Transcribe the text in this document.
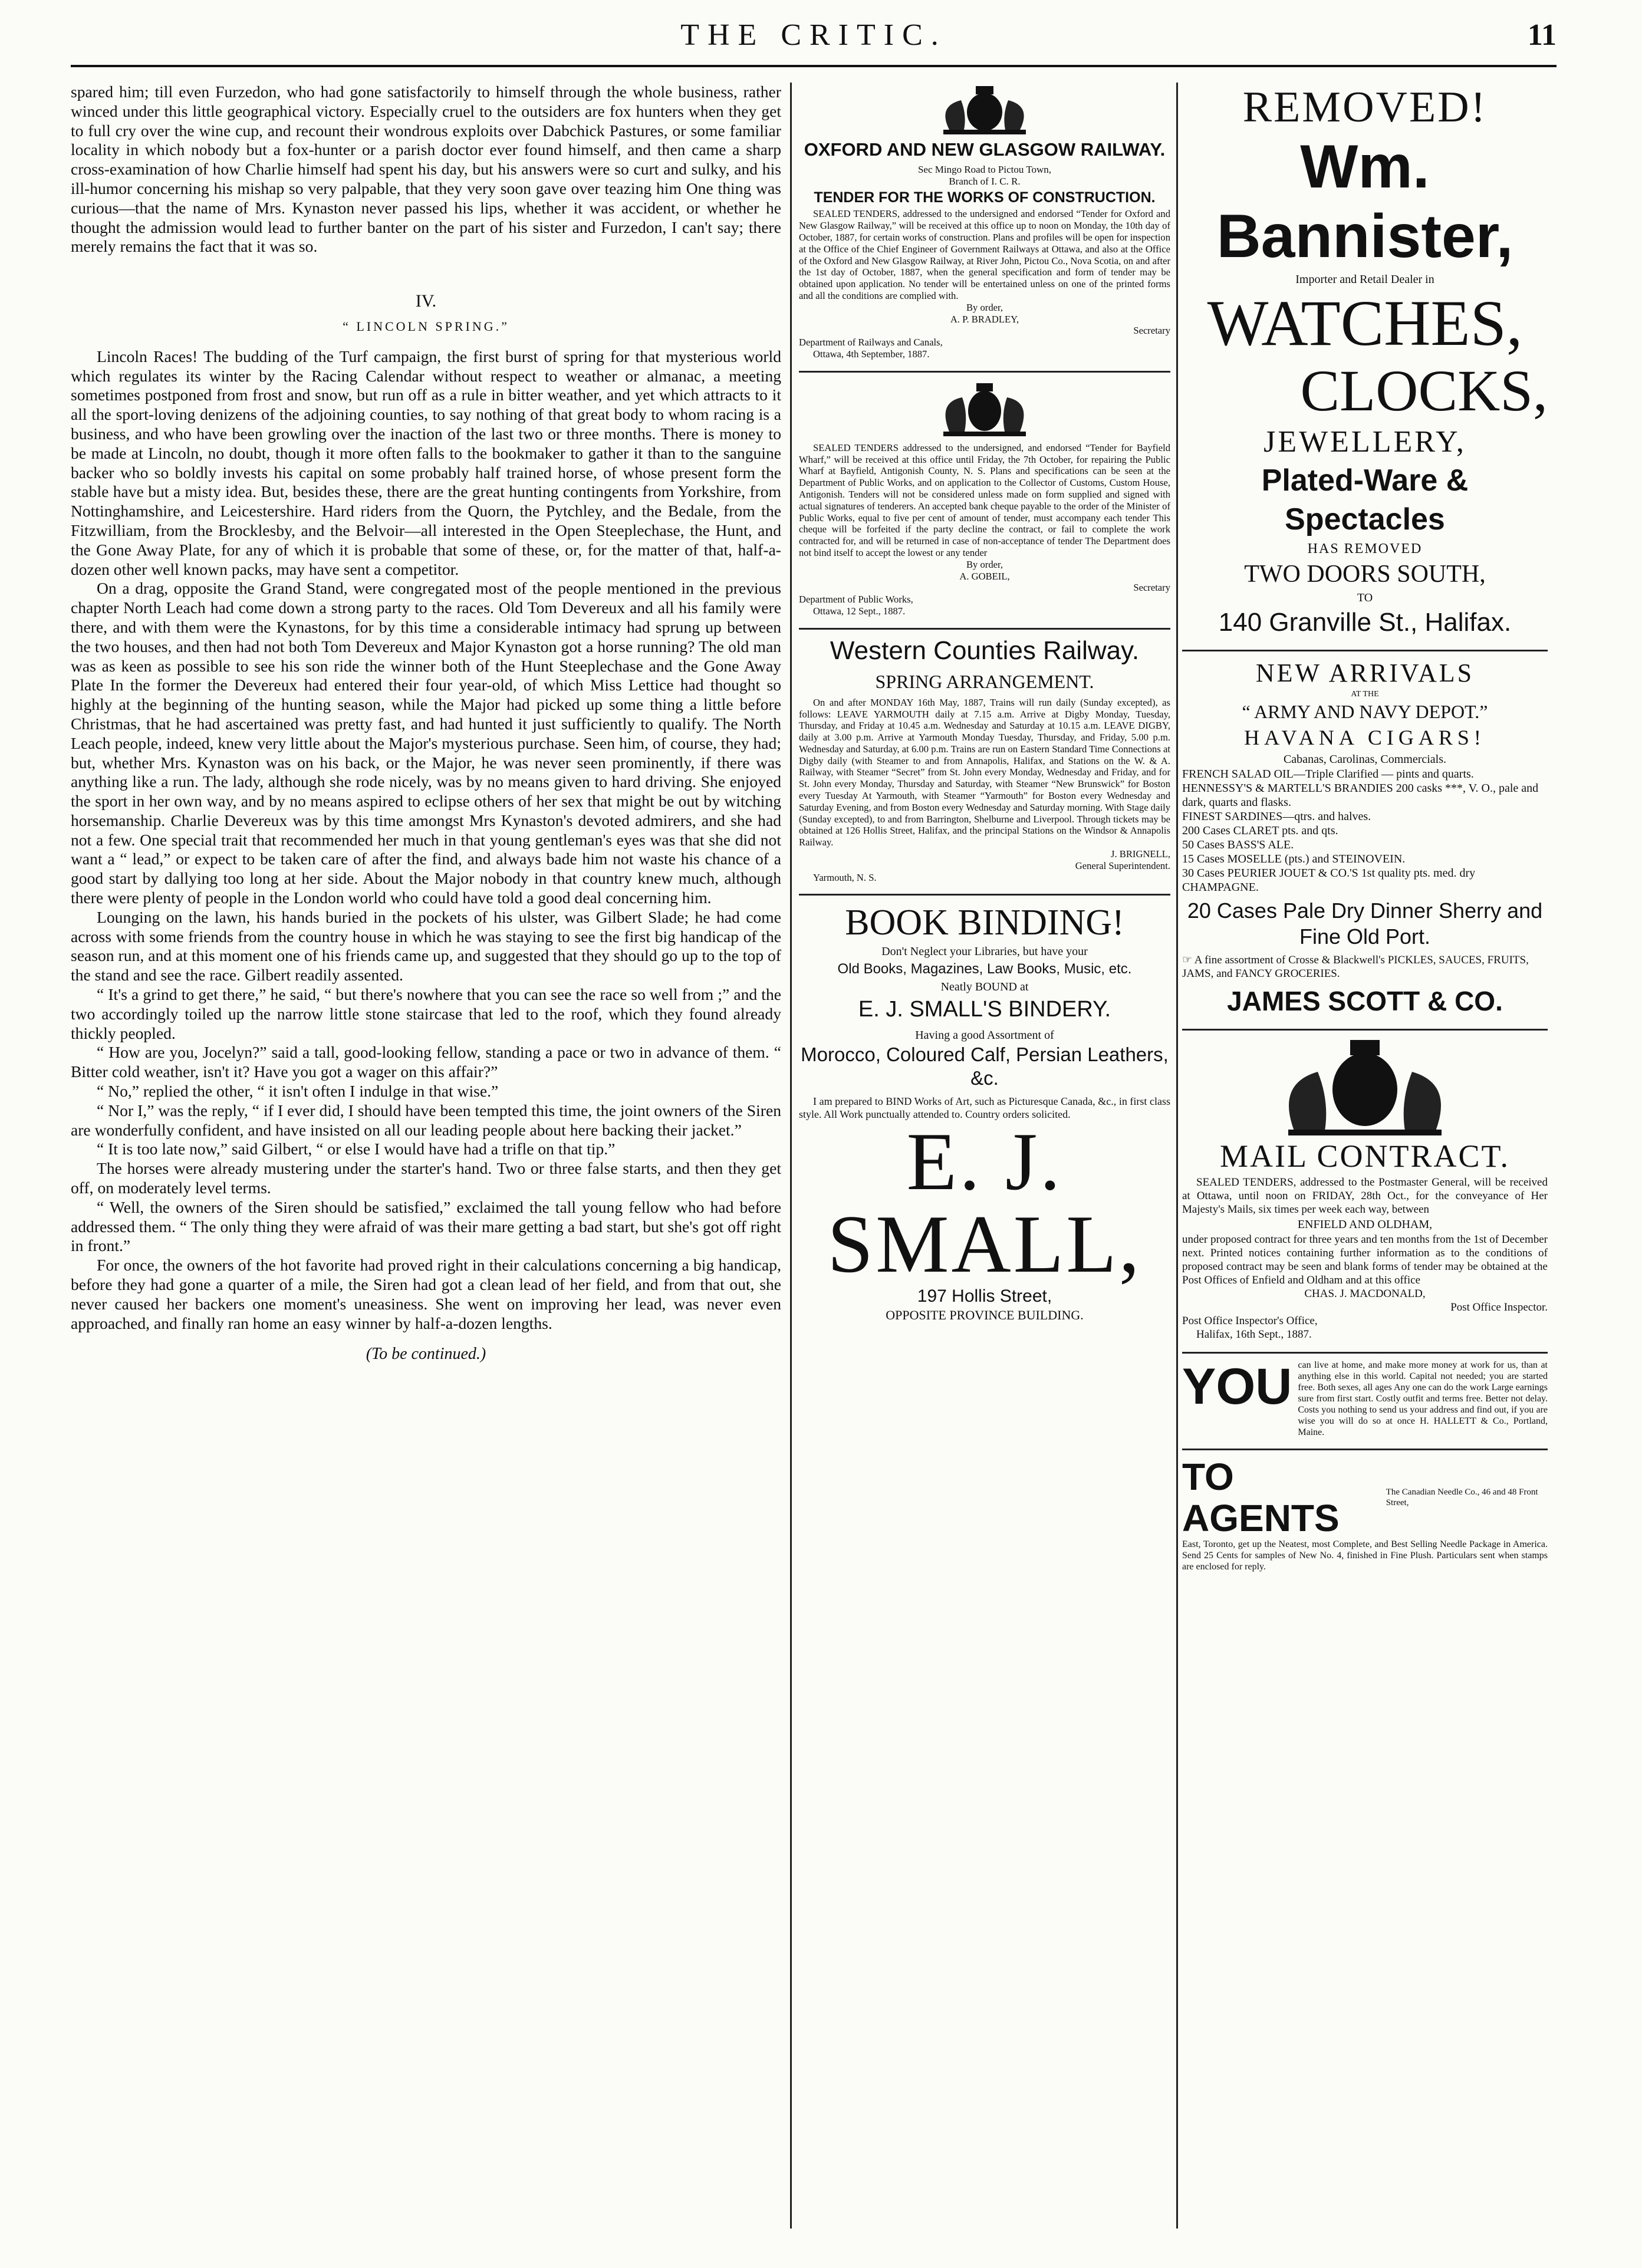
THE CRITIC.	11

spared him; till even Furzedon, who had gone satisfactorily to himself through the whole business, rather winced under this little geographical victory. Especially cruel to the outsiders are fox hunters when they get to full cry over the wine cup, and recount their wondrous exploits over Dabchick Pastures, or some familiar locality in which nobody but a fox-hunter or a parish doctor ever found himself, and then came a sharp cross-examination of how Charlie himself had spent his day, but his answers were so curt and sulky, and his ill-humor concerning his mishap so very palpable, that they very soon gave over teazing him One thing was curious—that the name of Mrs. Kynaston never passed his lips, whether it was accident, or whether he thought the admission would lead to further banter on the part of his sister and Furzedon, I can't say; there merely remains the fact that it was so.

IV.
“ LINCOLN SPRING.”

Lincoln Races! The budding of the Turf campaign, the first burst of spring for that mysterious world which regulates its winter by the Racing Calendar without respect to weather or almanac, a meeting sometimes postponed from frost and snow, but run off as a rule in bitter weather, and yet which attracts to it all the sport-loving denizens of the adjoining counties, to say nothing of that great body to whom racing is a business, and who have been growling over the inaction of the last two or three months. There is money to be made at Lincoln, no doubt, though it more often falls to the bookmaker to gather it than to the sanguine backer who so boldly invests his capital on some probably half trained horse, of whose present form the stable have but a misty idea. But, besides these, there are the great hunting contingents from Yorkshire, from Nottinghamshire, and Leicestershire. Hard riders from the Quorn, the Pytchley, and the Bedale, from the Fitzwilliam, from the Brocklesby, and the Belvoir—all interested in the Open Steeplechase, the Hunt, and the Gone Away Plate, for any of which it is probable that some of these, or, for the matter of that, half-a-dozen other well known packs, may have sent a competitor.

On a drag, opposite the Grand Stand, were congregated most of the people mentioned in the previous chapter North Leach had come down a strong party to the races. Old Tom Devereux and all his family were there, and with them were the Kynastons, for by this time a considerable intimacy had sprung up between the two houses, and then had not both Tom Devereux and Major Kynaston got a horse running? The old man was as keen as possible to see his son ride the winner both of the Hunt Steeplechase and the Gone Away Plate In the former the Devereux had entered their four year-old, of which Miss Lettice had thought so highly at the beginning of the hunting season, while the Major had picked up some thing a little before Christmas, that he had ascertained was pretty fast, and had hunted it just sufficiently to qualify. The North Leach people, indeed, knew very little about the Major's mysterious purchase. Seen him, of course, they had; but, whether Mrs. Kynaston was on his back, or the Major, he was never seen prominently, if there was anything like a run. The lady, although she rode nicely, was by no means given to hard driving. She enjoyed the sport in her own way, and by no means aspired to eclipse others of her sex that might be out by witching horsemanship. Charlie Devereux was by this time amongst Mrs Kynaston's devoted admirers, and she had not a few. One special trait that recommended her much in that young gentleman's eyes was that she did not want a “ lead,” or expect to be taken care of after the find, and always bade him not waste his chance of a good start by dallying too long at her side. About the Major nobody in that country knew much, although there were plenty of people in the London world who could have told a good deal concerning him.

Lounging on the lawn, his hands buried in the pockets of his ulster, was Gilbert Slade; he had come across with some friends from the country house in which he was staying to see the first big handicap of the season run, and at this moment one of his friends came up, and suggested that they should go up to the top of the stand and see the race. Gilbert readily assented.

“ It's a grind to get there,” he said, “ but there's nowhere that you can see the race so well from ;” and the two accordingly toiled up the narrow little stone staircase that led to the roof, which they found already thickly peopled.

“ How are you, Jocelyn?” said a tall, good-looking fellow, standing a pace or two in advance of them. “ Bitter cold weather, isn't it? Have you got a wager on this affair?”

“ No,” replied the other, “ it isn't often I indulge in that wise.”

“ Nor I,” was the reply, “ if I ever did, I should have been tempted this time, the joint owners of the Siren are wonderfully confident, and have insisted on all our leading people about here backing their jacket.”

“ It is too late now,” said Gilbert, “ or else I would have had a trifle on that tip.”

The horses were already mustering under the starter's hand. Two or three false starts, and then they get off, on moderately level terms.

“ Well, the owners of the Siren should be satisfied,” exclaimed the tall young fellow who had before addressed them. “ The only thing they were afraid of was their mare getting a bad start, but she's got off right in front.”

For once, the owners of the hot favorite had proved right in their calculations concerning a big handicap, before they had gone a quarter of a mile, the Siren had got a clean lead of her field, and from that out, she never caused her backers one moment's uneasiness. She went on improving her lead, was never even approached, and finally ran home an easy winner by half-a-dozen lengths.

(To be continued.)
OXFORD AND NEW GLASGOW RAILWAY.
Sec Mingo Road to Pictou Town,
Branch of I. C. R.
TENDER FOR THE WORKS OF CONSTRUCTION.
SEALED TENDERS, addressed to the undersigned and endorsed “Tender for Oxford and New Glasgow Railway,” will be received at this office up to noon on Monday, the 10th day of October, 1887, for certain works of construction. Plans and profiles will be open for inspection at the Office of the Chief Engineer of Government Railways at Ottawa, and also at the Office of the Oxford and New Glasgow Railway, at River John, Pictou Co., Nova Scotia, on and after the 1st day of October, 1887, when the general specification and form of tender may be obtained upon application. No tender will be entertained unless on one of the printed forms and all the conditions are complied with.
By order,
A. P. BRADLEY,
Secretary
Department of Railways and Canals,
Ottawa, 4th September, 1887.
SEALED TENDERS addressed to the undersigned, and endorsed “Tender for Bayfield Wharf,” will be received at this office until Friday, the 7th October, for repairing the Public Wharf at Bayfield, Antigonish County, N. S. Plans and specifications can be seen at the Department of Public Works, and on application to the Collector of Customs, Custom House, Antigonish. Tenders will not be considered unless made on form supplied and signed with actual signatures of tenderers. An accepted bank cheque payable to the order of the Minister of Public Works, equal to five per cent of amount of tender, must accompany each tender This cheque will be forfeited if the party decline the contract, or fail to complete the work contracted for, and will be returned in case of non-acceptance of tender The Department does not bind itself to accept the lowest or any tender
By order,
A. GOBEIL,
Secretary
Department of Public Works,
Ottawa, 12 Sept., 1887.
Western Counties Railway.
SPRING ARRANGEMENT.
On and after MONDAY 16th May, 1887, Trains will run daily (Sunday excepted), as follows: LEAVE YARMOUTH daily at 7.15 a.m. Arrive at Digby Monday, Tuesday, Thursday, and Friday at 10.45 a.m. Wednesday and Saturday at 10.15 a.m. LEAVE DIGBY, daily at 3.00 p.m. Arrive at Yarmouth Monday Tuesday, Thursday, and Friday, 5.00 p.m. Wednesday and Saturday, at 6.00 p.m. Trains are run on Eastern Standard Time Connections at Digby daily (with Steamer to and from Annapolis, Halifax, and Stations on the W. & A. Railway, with Steamer “Secret” from St. John every Monday, Wednesday and Friday, and for St. John every Monday, Thursday and Saturday, with Steamer “New Brunswick” for Boston every Tuesday At Yarmouth, with Steamer “Yarmouth” for Boston every Wednesday and Saturday Evening, and from Boston every Wednesday and Saturday morning. With Stage daily (Sunday excepted), to and from Barrington, Shelburne and Liverpool. Through tickets may be obtained at 126 Hollis Street, Halifax, and the principal Stations on the Windsor & Annapolis Railway.
J. BRIGNELL,
General Superintendent.
Yarmouth, N. S.
BOOK BINDING!
Don't Neglect your Libraries, but have your
Old Books, Magazines, Law Books, Music, etc.
Neatly BOUND at
E. J. SMALL'S BINDERY.
Having a good Assortment of
Morocco, Coloured Calf, Persian Leathers, &c.
I am prepared to BIND Works of Art, such as Picturesque Canada, &c., in first class style. All Work punctually attended to. Country orders solicited.
E. J. SMALL,
197 Hollis Street,
OPPOSITE PROVINCE BUILDING.
REMOVED!
Wm. Bannister,
Importer and Retail Dealer in
WATCHES,
CLOCKS,
JEWELLERY,
Plated-Ware & Spectacles
HAS REMOVED
TWO DOORS SOUTH,
TO
140 Granville St., Halifax.
NEW ARRIVALS
AT THE
“ ARMY AND NAVY DEPOT.”
HAVANA CIGARS!
Cabanas, Carolinas, Commercials.

FRENCH SALAD OIL—Triple Clarified — pints and quarts.

HENNESSY'S & MARTELL'S BRANDIES 200 casks ***, V. O., pale and dark, quarts and flasks.

FINEST SARDINES—qtrs. and halves.

200 Cases CLARET pts. and qts.

50 Cases BASS'S ALE.

15 Cases MOSELLE (pts.) and STEINOVEIN.

30 Cases PEURIER JOUET & CO.'S 1st quality pts. med. dry CHAMPAGNE.

20 Cases Pale Dry Dinner Sherry and Fine Old Port.
☞ A fine assortment of Crosse & Blackwell's PICKLES, SAUCES, FRUITS, JAMS, and FANCY GROCERIES.
JAMES SCOTT & CO.
MAIL CONTRACT.
SEALED TENDERS, addressed to the Postmaster General, will be received at Ottawa, until noon on FRIDAY, 28th Oct., for the conveyance of Her Majesty's Mails, six times per week each way, between
ENFIELD AND OLDHAM,
under proposed contract for three years and ten months from the 1st of December next. Printed notices containing further information as to the conditions of proposed contract may be seen and blank forms of tender may be obtained at the Post Offices of Enfield and Oldham and at this office
CHAS. J. MACDONALD,
Post Office Inspector.
Post Office Inspector's Office,
Halifax, 16th Sept., 1887.
YOU can live at home, and make more money at work for us, than at anything else in this world. Capital not needed; you are started free. Both sexes, all ages Any one can do the work Large earnings sure from first start. Costly outfit and terms free. Better not delay. Costs you nothing to send us your address and find out, if you are wise you will do so at once H. HALLETT & Co., Portland, Maine.
TO AGENTS
The Canadian Needle Co., 46 and 48 Front Street,
East, Toronto, get up the Neatest, most Complete, and Best Selling Needle Package in America. Send 25 Cents for samples of New No. 4, finished in Fine Plush. Particulars sent when stamps are enclosed for reply.
